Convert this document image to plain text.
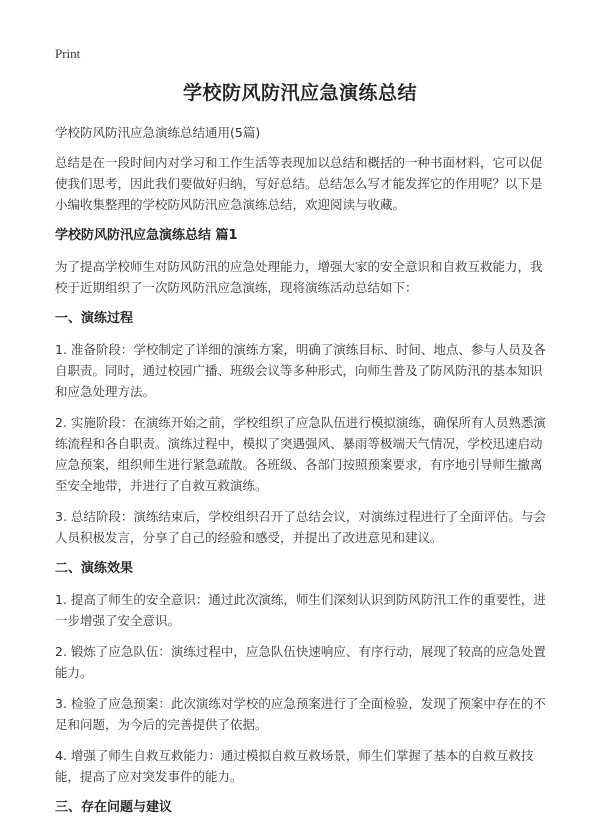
Print
学校防风防汛应急演练总结

学校防风防汛应急演练总结通用(5篇)

总结是在一段时间内对学习和工作生活等表现加以总结和概括的一种书面材料，它可以促使我们思考，因此我们要做好归纳，写好总结。总结怎么写才能发挥它的作用呢？以下是小编收集整理的学校防风防汛应急演练总结，欢迎阅读与收藏。

学校防风防汛应急演练总结 篇1

为了提高学校师生对防风防汛的应急处理能力，增强大家的安全意识和自救互救能力，我校于近期组织了一次防风防汛应急演练，现将演练活动总结如下：

一、演练过程

1. 准备阶段：学校制定了详细的演练方案，明确了演练目标、时间、地点、参与人员及各自职责。同时，通过校园广播、班级会议等多种形式，向师生普及了防风防汛的基本知识和应急处理方法。

2. 实施阶段：在演练开始之前，学校组织了应急队伍进行模拟演练，确保所有人员熟悉演练流程和各自职责。演练过程中，模拟了突遇强风、暴雨等极端天气情况，学校迅速启动应急预案，组织师生进行紧急疏散。各班级、各部门按照预案要求，有序地引导师生撤离至安全地带，并进行了自救互救演练。

3. 总结阶段：演练结束后，学校组织召开了总结会议，对演练过程进行了全面评估。与会人员积极发言，分享了自己的经验和感受，并提出了改进意见和建议。

二、演练效果

1. 提高了师生的安全意识：通过此次演练，师生们深刻认识到防风防汛工作的重要性，进一步增强了安全意识。

2. 锻炼了应急队伍：演练过程中，应急队伍快速响应、有序行动，展现了较高的应急处置能力。

3. 检验了应急预案：此次演练对学校的应急预案进行了全面检验，发现了预案中存在的不足和问题，为今后的完善提供了依据。

4. 增强了师生自救互救能力：通过模拟自救互救场景，师生们掌握了基本的自救互救技能，提高了应对突发事件的能力。

三、存在问题与建议
